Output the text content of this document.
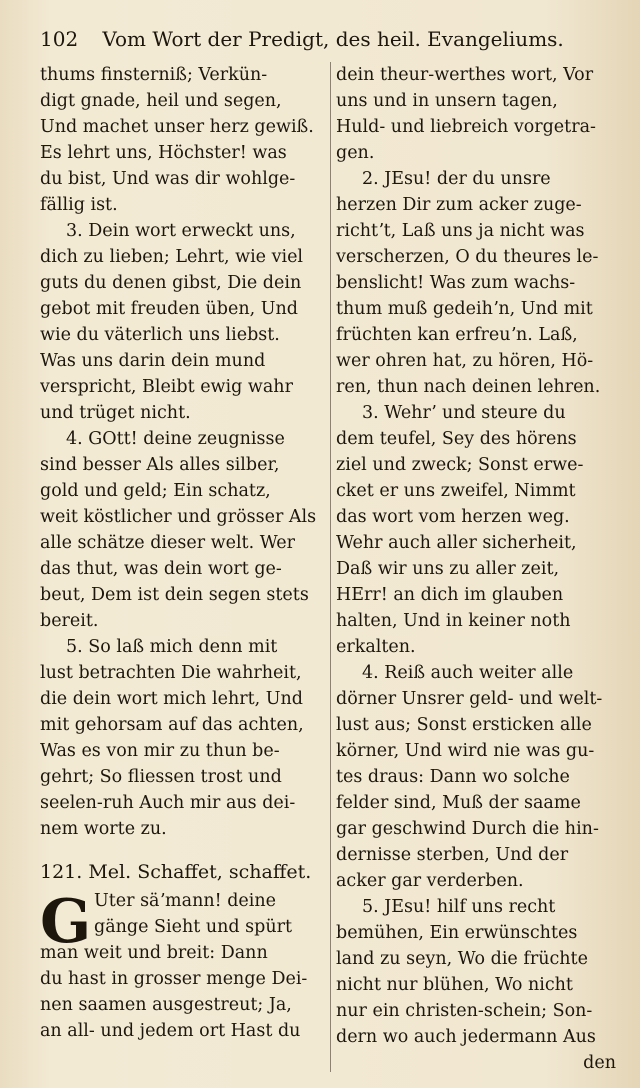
102 Vom Wort der Predigt, des heil. Evangeliums.
thums finsterniß; Verkün-
digt gnade, heil und segen,
Und machet unser herz gewiß.
Es lehrt uns, Höchster! was
du bist, Und was dir wohlge-
fällig ist.
3. Dein wort erweckt uns,
dich zu lieben; Lehrt, wie viel
guts du denen gibst, Die dein
gebot mit freuden üben, Und
wie du väterlich uns liebst.
Was uns darin dein mund
verspricht, Bleibt ewig wahr
und trüget nicht.
4. GOtt! deine zeugnisse
sind besser Als alles silber,
gold und geld; Ein schatz,
weit köstlicher und grösser Als
alle schätze dieser welt. Wer
das thut, was dein wort ge-
beut, Dem ist dein segen stets
bereit.
5. So laß mich denn mit
lust betrachten Die wahrheit,
die dein wort mich lehrt, Und
mit gehorsam auf das achten,
Was es von mir zu thun be-
gehrt; So fliessen trost und
seelen-ruh Auch mir aus dei-
nem worte zu.
121. Mel. Schaffet, schaffet.
G Uter säʼmann! deine
gänge Sieht und spürt
man weit und breit: Dann
du hast in grosser menge Dei-
nen saamen ausgestreut; Ja,
an all- und jedem ort Hast du
dein theur-werthes wort, Vor
uns und in unsern tagen,
Huld- und liebreich vorgetra-
gen.
2. JEsu! der du unsre
herzen Dir zum acker zuge-
richtʼt, Laß uns ja nicht was
verscherzen, O du theures le-
benslicht! Was zum wachs-
thum muß gedeihʼn, Und mit
früchten kan erfreuʼn. Laß,
wer ohren hat, zu hören, Hö-
ren, thun nach deinen lehren.
3. Wehrʼ und steure du
dem teufel, Sey des hörens
ziel und zweck; Sonst erwe-
cket er uns zweifel, Nimmt
das wort vom herzen weg.
Wehr auch aller sicherheit,
Daß wir uns zu aller zeit,
HErr! an dich im glauben
halten, Und in keiner noth
erkalten.
4. Reiß auch weiter alle
dörner Unsrer geld- und welt-
lust aus; Sonst ersticken alle
körner, Und wird nie was gu-
tes draus: Dann wo solche
felder sind, Muß der saame
gar geschwind Durch die hin-
dernisse sterben, Und der
acker gar verderben.
5. JEsu! hilf uns recht
bemühen, Ein erwünschtes
land zu seyn, Wo die früchte
nicht nur blühen, Wo nicht
nur ein christen-schein; Son-
dern wo auch jedermann Aus
den
